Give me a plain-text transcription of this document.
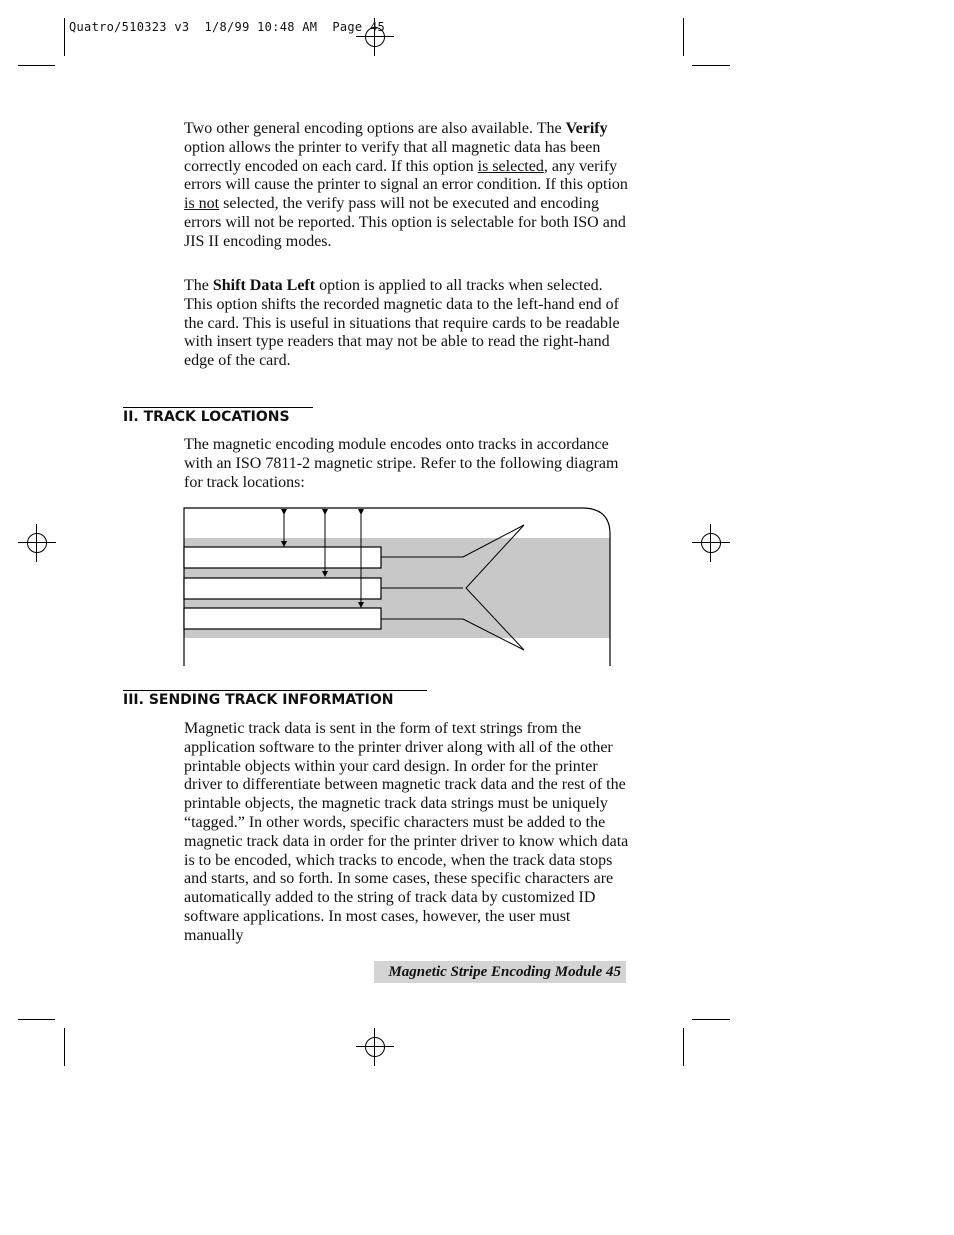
Quatro/510323 v3  1/8/99 10:48 AM  Page 45

Two other general encoding options are also available. The Verify option allows the printer to verify that all magnetic data has been correctly encoded on each card. If this option is selected, any verify errors will cause the printer to signal an error condition. If this option is not selected, the verify pass will not be executed and encoding errors will not be reported. This option is selectable for both ISO and JIS II encoding modes.

The Shift Data Left option is applied to all tracks when selected. This option shifts the recorded magnetic data to the left-hand end of the card. This is useful in situations that require cards to be readable with insert type readers that may not be able to read the right-hand edge of the card.

II. TRACK LOCATIONS
The magnetic encoding module encodes onto tracks in accordance with an ISO 7811-2 magnetic stripe. Refer to the following diagram for track locations:
III. SENDING TRACK INFORMATION
Magnetic track data is sent in the form of text strings from the application software to the printer driver along with all of the other printable objects within your card design. In order for the printer driver to differentiate between magnetic track data and the rest of the printable objects, the magnetic track data strings must be uniquely “tagged.” In other words, specific characters must be added to the magnetic track data in order for the printer driver to know which data is to be encoded, which tracks to encode, when the track data stops and starts, and so forth. In some cases, these specific characters are automatically added to the string of track data by customized ID software applications. In most cases, however, the user must manually
Magnetic Stripe Encoding Module 45
